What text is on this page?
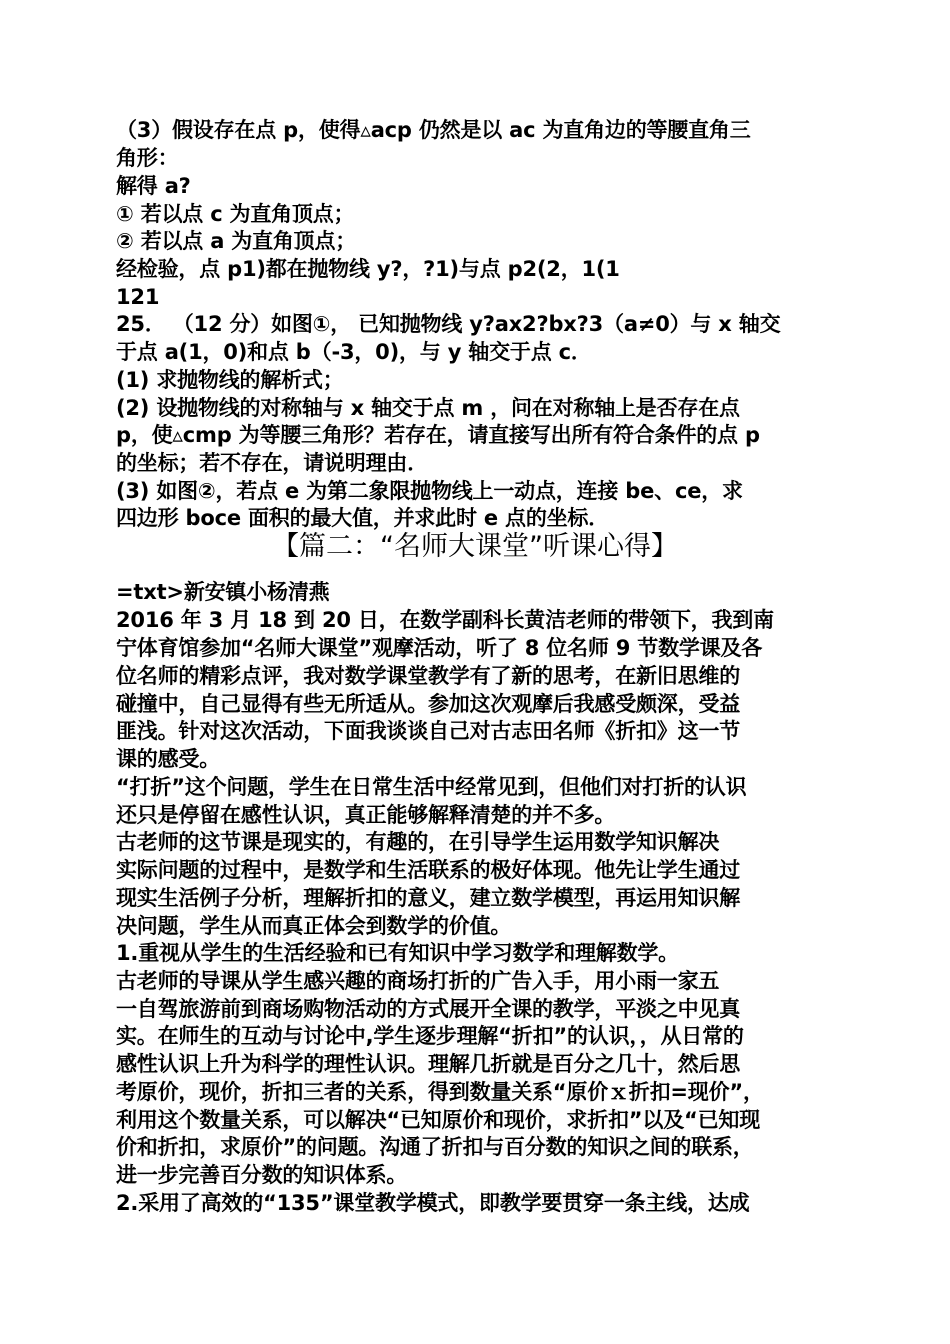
（3）假设存在点 p，使得▵acp 仍然是以 ac 为直角边的等腰直角三
角形：
解得 a?
① 若以点 c 为直角顶点；
② 若以点 a 为直角顶点；
经检验，点 p1)都在抛物线 y?，?1)与点 p2(2，1(1
121
25． （12 分）如图①， 已知抛物线 y?ax2?bx?3（a≠0）与 x 轴交
于点 a(1，0)和点 b（-3，0)，与 y 轴交于点 c．
(1) 求抛物线的解析式；
(2) 设抛物线的对称轴与 x 轴交于点 m ，问在对称轴上是否存在点
p，使▵cmp 为等腰三角形？若存在，请直接写出所有符合条件的点 p
的坐标；若不存在，请说明理由．
(3) 如图②，若点 e 为第二象限抛物线上一动点，连接 be、ce，求
四边形 boce 面积的最大值，并求此时 e 点的坐标．
【篇二：“名师大课堂”听课心得】
=txt>新安镇小杨清燕
2016 年 3 月 18 到 20 日，在数学副科长黄洁老师的带领下，我到南
宁体育馆参加“名师大课堂”观摩活动，听了 8 位名师 9 节数学课及各
位名师的精彩点评，我对数学课堂教学有了新的思考，在新旧思维的
碰撞中，自己显得有些无所适从。参加这次观摩后我感受颇深，受益
匪浅。针对这次活动，下面我谈谈自己对古志田名师《折扣》这一节
课的感受。
“打折”这个问题，学生在日常生活中经常见到，但他们对打折的认识
还只是停留在感性认识，真正能够解释清楚的并不多。
古老师的这节课是现实的，有趣的，在引导学生运用数学知识解决
实际问题的过程中，是数学和生活联系的极好体现。他先让学生通过
现实生活例子分析，理解折扣的意义，建立数学模型，再运用知识解
决问题，学生从而真正体会到数学的价值。
1.重视从学生的生活经验和已有知识中学习数学和理解数学。
古老师的导课从学生感兴趣的商场打折的广告入手，用小雨一家五
一自驾旅游前到商场购物活动的方式展开全课的教学，平淡之中见真
实。在师生的互动与讨论中,学生逐步理解“折扣”的认识，，从日常的
感性认识上升为科学的理性认识。理解几折就是百分之几十，然后思
考原价，现价，折扣三者的关系，得到数量关系“原价ｘ折扣=现价”，
利用这个数量关系，可以解决“已知原价和现价，求折扣”以及“已知现
价和折扣，求原价”的问题。沟通了折扣与百分数的知识之间的联系，
进一步完善百分数的知识体系。
2.采用了高效的“135”课堂教学模式，即教学要贯穿一条主线，达成
